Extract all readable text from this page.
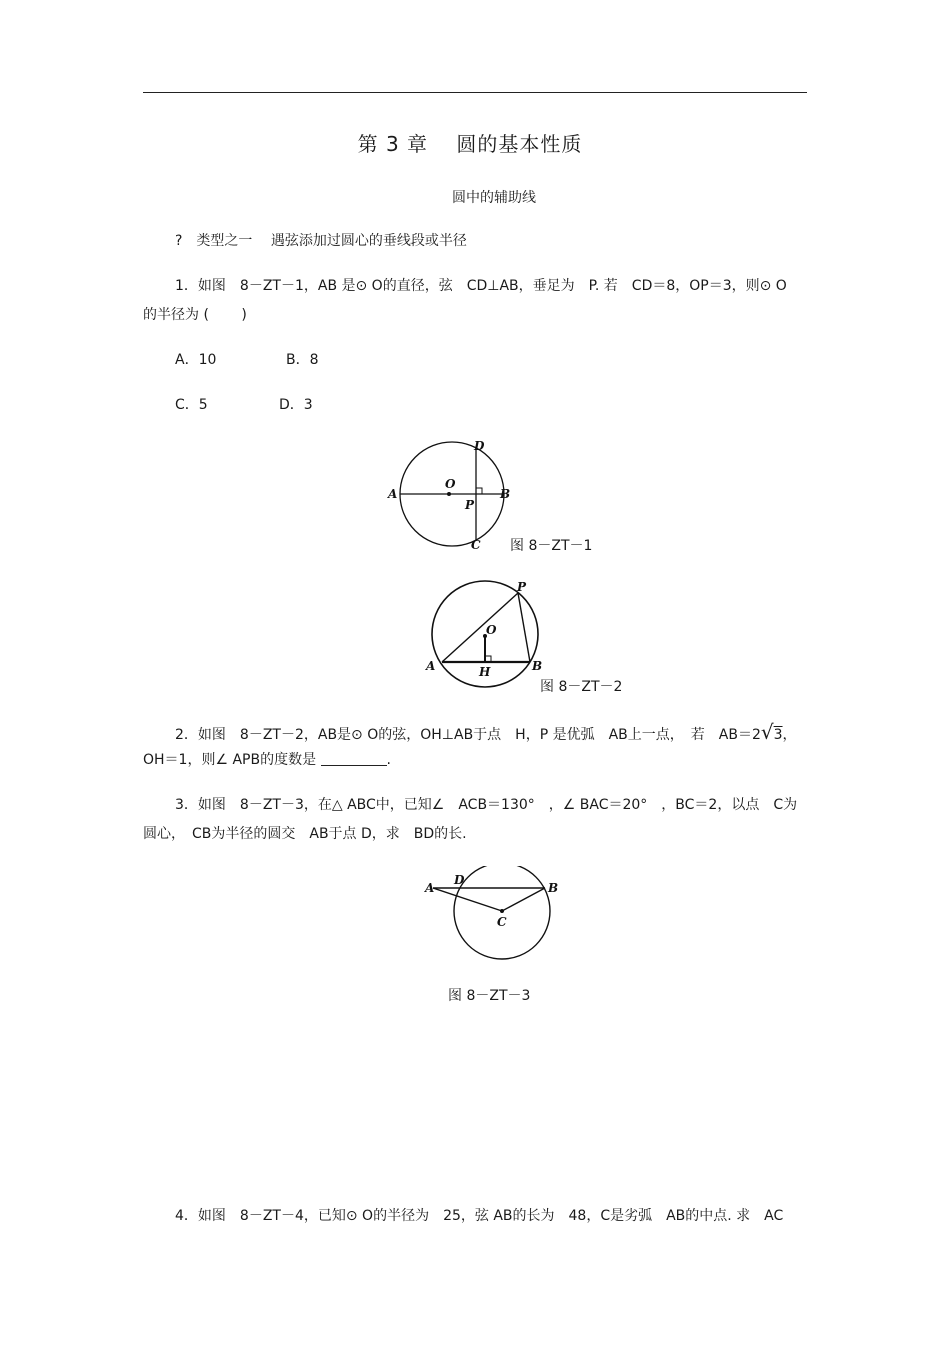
第 3 章　 圆的基本性质
圆中的辅助线
?　类型之一　 遇弦添加过圆心的垂线段或半径
1．如图　8－ZT－1，AB 是⊙ O的直径，弦　CD⊥AB，垂足为　P. 若　CD＝8，OP＝3，则⊙ O
的半径为 (　　 )
A．10	B．8
C．5	D．3
A	B
D
C
O
P
图 8－ZT－1
A	B
H
O
P
图 8－ZT－2
2．如图　8－ZT－2，AB是⊙ O的弦，OH⊥AB于点　H，P 是优弧　AB上一点，　若　AB＝2√3，
OH＝1，则∠ APB的度数是	.
3．如图　8－ZT－3，在△ ABC中，已知∠　ACB＝130°　，∠ BAC＝20°　，BC＝2，以点　C为
圆心，　CB为半径的圆交　AB于点 D，求　BD的长.
A
D
B
C
图 8－ZT－3
4．如图　8－ZT－4，已知⊙ O的半径为　25，弦 AB的长为　48，C是劣弧　AB的中点. 求　AC
